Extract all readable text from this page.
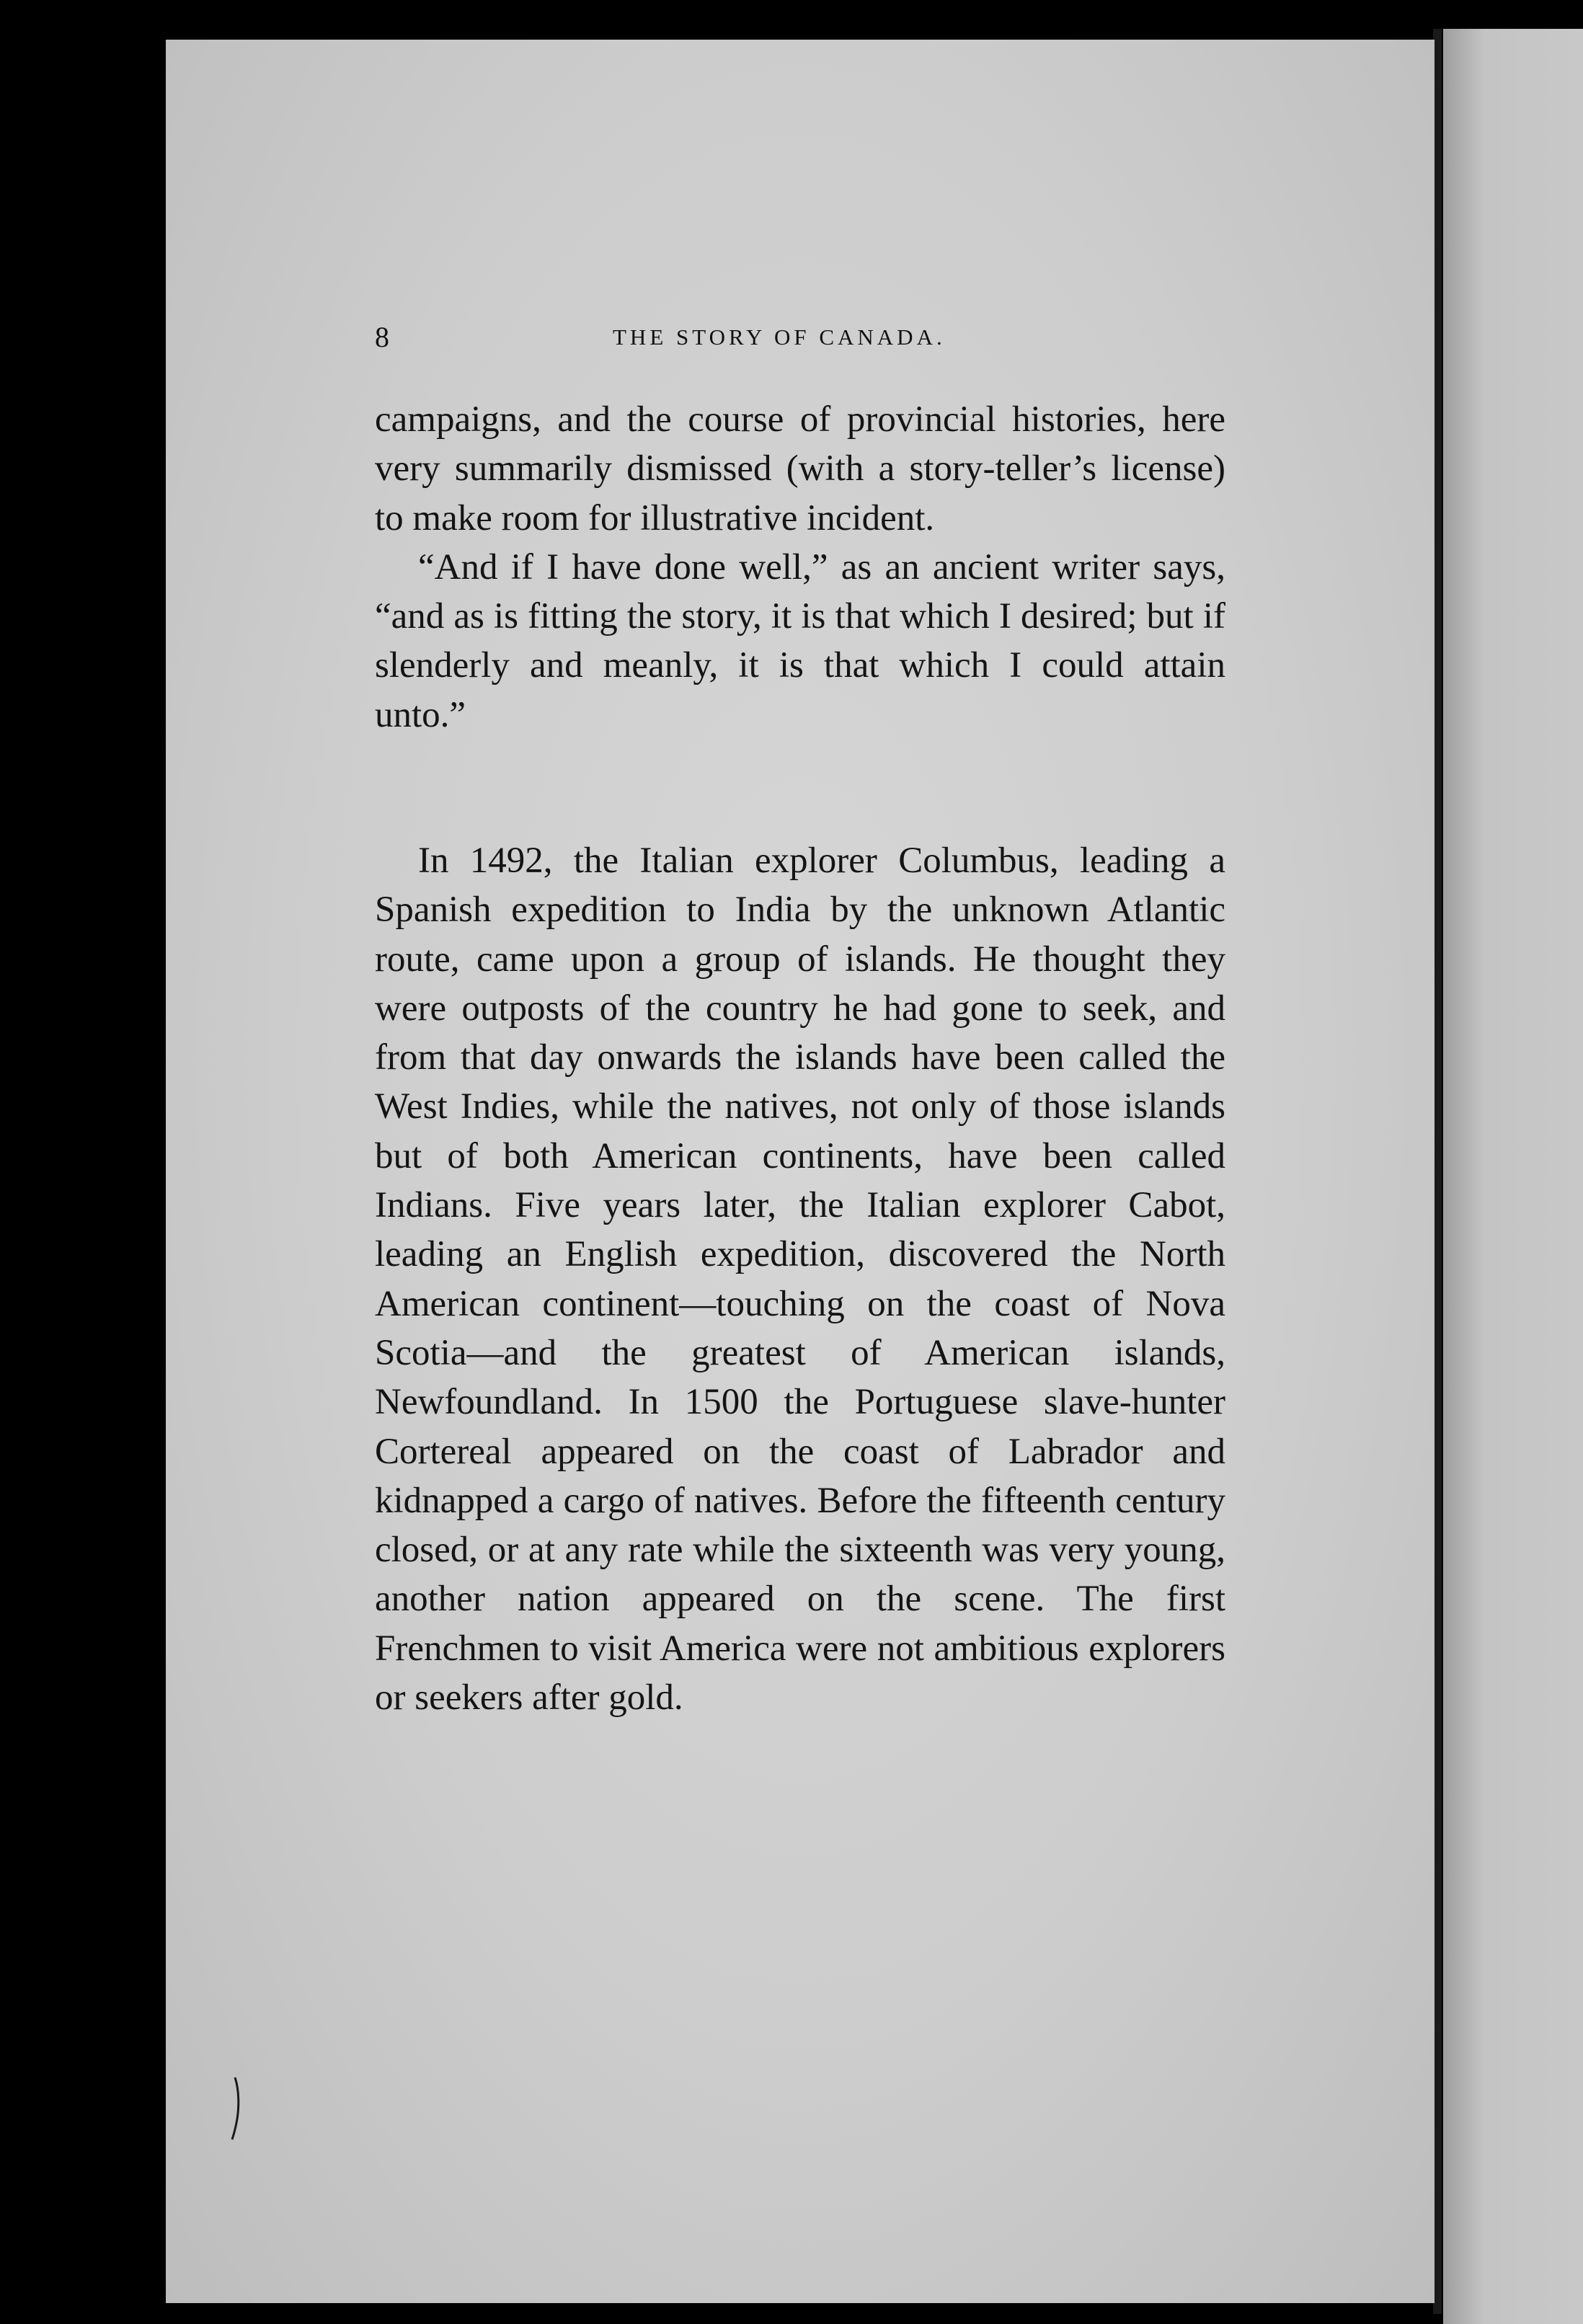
8	THE STORY OF CANADA.

campaigns, and the course of provincial histories, here very summarily dismissed (with a story-teller’s license) to make room for illustrative incident.

“And if I have done well,” as an ancient writer says, “and as is fitting the story, it is that which I desired; but if slenderly and meanly, it is that which I could attain unto.”

In 1492, the Italian explorer Columbus, leading a Spanish expedition to India by the unknown Atlantic route, came upon a group of islands. He thought they were outposts of the country he had gone to seek, and from that day onwards the islands have been called the West Indies, while the natives, not only of those islands but of both American continents, have been called Indians. Five years later, the Italian explorer Cabot, leading an English expedition, discovered the North American continent—touching on the coast of Nova Scotia—and the greatest of American islands, Newfoundland. In 1500 the Portuguese slave-hunter Cortereal appeared on the coast of Labrador and kidnapped a cargo of natives. Before the fifteenth century closed, or at any rate while the sixteenth was very young, another nation appeared on the scene. The first Frenchmen to visit America were not ambitious explorers or seekers after gold.
